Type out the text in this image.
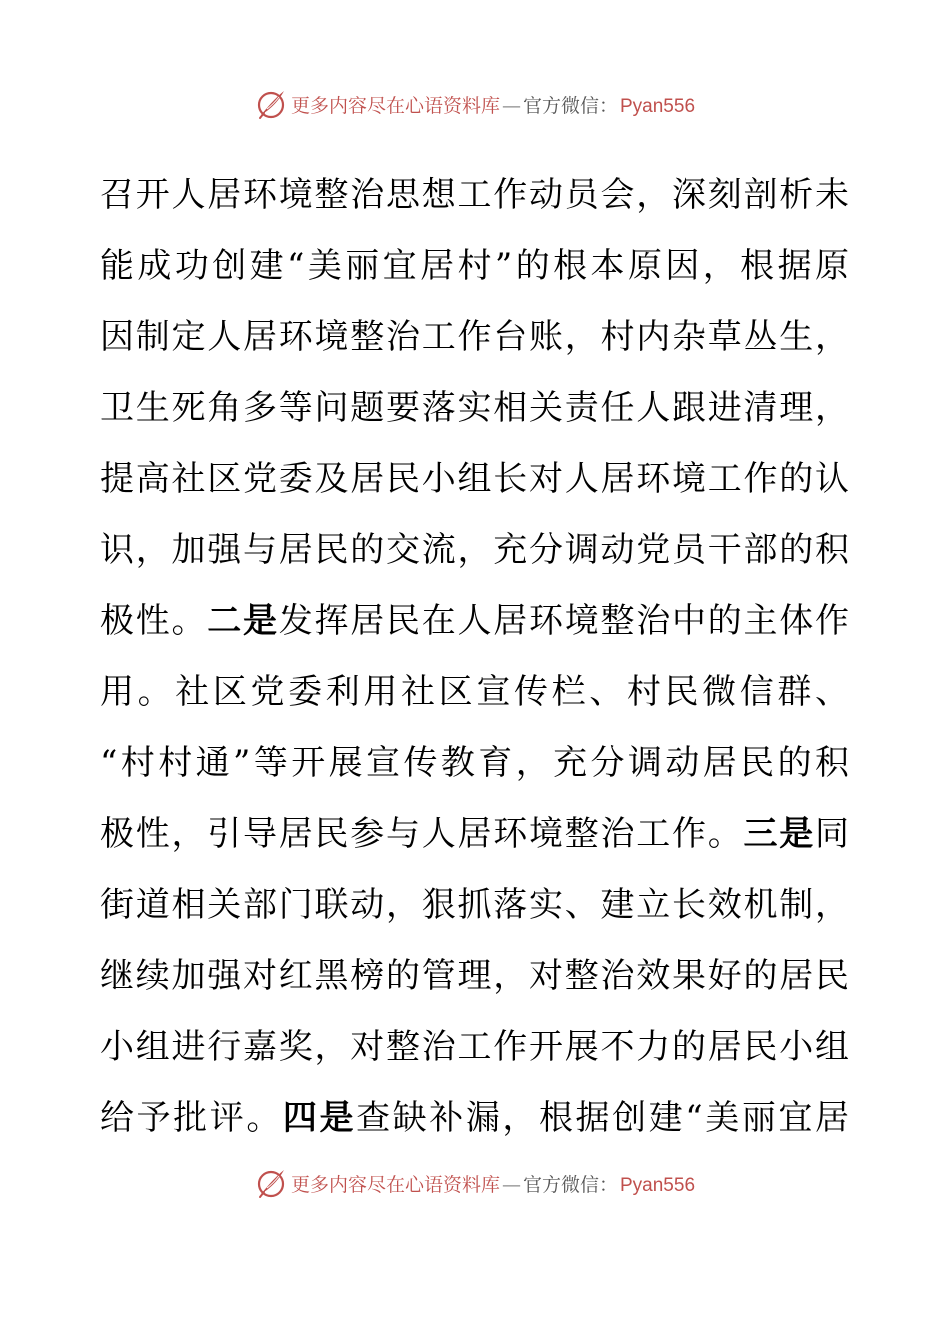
更多内容尽在心语资料库 — 官方微信： Pyan556
召开人居环境整治思想工作动员会，深刻剖析未
能成功创建“美丽宜居村”的根本原因，根据原
因制定人居环境整治工作台账，村内杂草丛生，
卫生死角多等问题要落实相关责任人跟进清理，
提高社区党委及居民小组长对人居环境工作的认
识，加强与居民的交流，充分调动党员干部的积
极性。二是发挥居民在人居环境整治中的主体作
用。社区党委利用社区宣传栏、村民微信群、
“村村通”等开展宣传教育，充分调动居民的积
极性，引导居民参与人居环境整治工作。三是同
街道相关部门联动，狠抓落实、建立长效机制，
继续加强对红黑榜的管理，对整治效果好的居民
小组进行嘉奖，对整治工作开展不力的居民小组
给予批评。四是查缺补漏，根据创建“美丽宜居
更多内容尽在心语资料库 — 官方微信： Pyan556
